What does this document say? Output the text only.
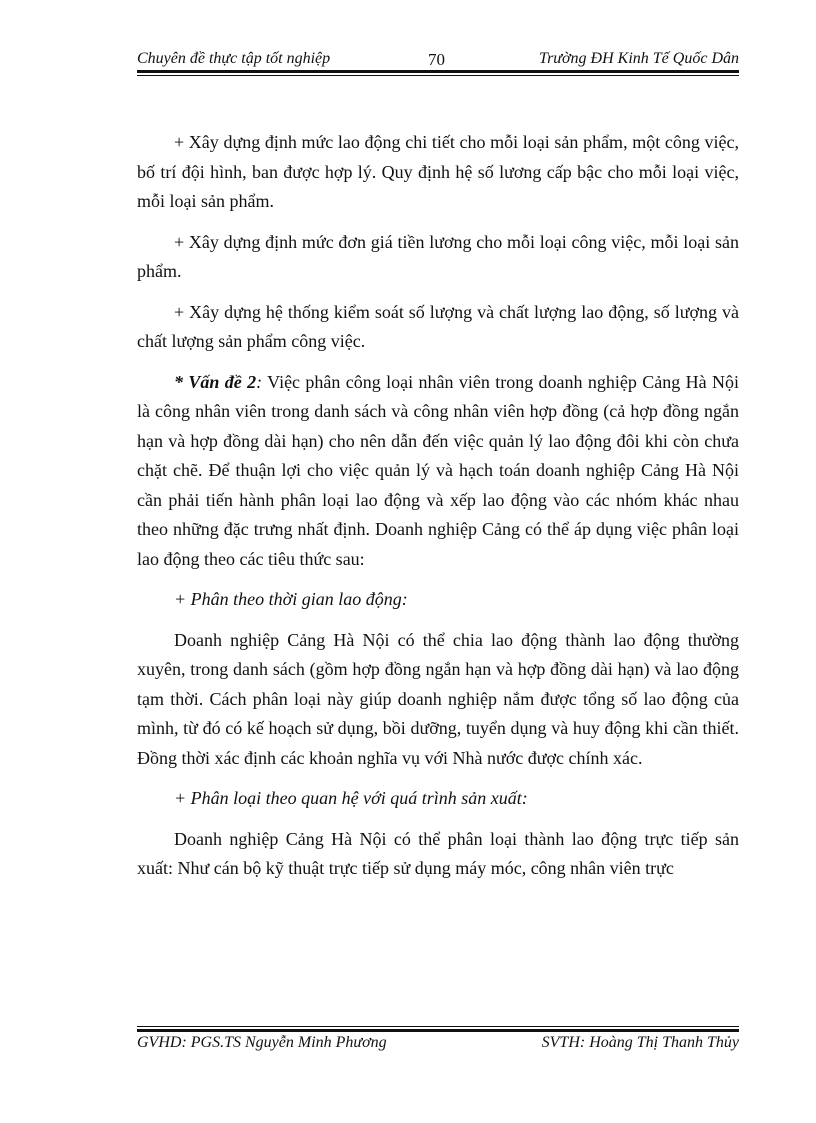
Chuyên đề thực tập tốt nghiệp	70	Trường ĐH Kinh Tế Quốc Dân

+ Xây dựng định mức lao động chi tiết cho mỗi loại sản phẩm, một công việc, bố trí đội hình, ban được hợp lý. Quy định hệ số lương cấp bậc cho mỗi loại việc, mỗi loại sản phẩm.

+ Xây dựng định mức đơn giá tiền lương cho mỗi loại công việc, mỗi loại sản phẩm.

+ Xây dựng hệ thống kiểm soát số lượng và chất lượng lao động, số lượng và chất lượng sản phẩm công việc.

* Vấn đề 2: Việc phân công loại nhân viên trong doanh nghiệp Cảng Hà Nội là công nhân viên trong danh sách và công nhân viên hợp đồng (cả hợp đồng ngắn hạn và hợp đồng dài hạn) cho nên dẫn đến việc quản lý lao động đôi khi còn chưa chặt chẽ. Để thuận lợi cho việc quản lý và hạch toán doanh nghiệp Cảng Hà Nội cần phải tiến hành phân loại lao động và xếp lao động vào các nhóm khác nhau theo những đặc trưng nhất định. Doanh nghiệp Cảng có thể áp dụng việc phân loại lao động theo các tiêu thức sau:

+ Phân theo thời gian lao động:

Doanh nghiệp Cảng Hà Nội có thể chia lao động thành lao động thường xuyên, trong danh sách (gồm hợp đồng ngắn hạn và hợp đồng dài hạn) và lao động tạm thời. Cách phân loại này giúp doanh nghiệp nắm được tổng số lao động của mình, từ đó có kế hoạch sử dụng, bồi dưỡng, tuyển dụng và huy động khi cần thiết. Đồng thời xác định các khoản nghĩa vụ với Nhà nước được chính xác.

+ Phân loại theo quan hệ với quá trình sản xuất:

Doanh nghiệp Cảng Hà Nội có thể phân loại thành lao động trực tiếp sản xuất: Như cán bộ kỹ thuật trực tiếp sử dụng máy móc, công nhân viên trực

GVHD: PGS.TS Nguyễn Minh Phương	SVTH: Hoàng Thị Thanh Thủy
